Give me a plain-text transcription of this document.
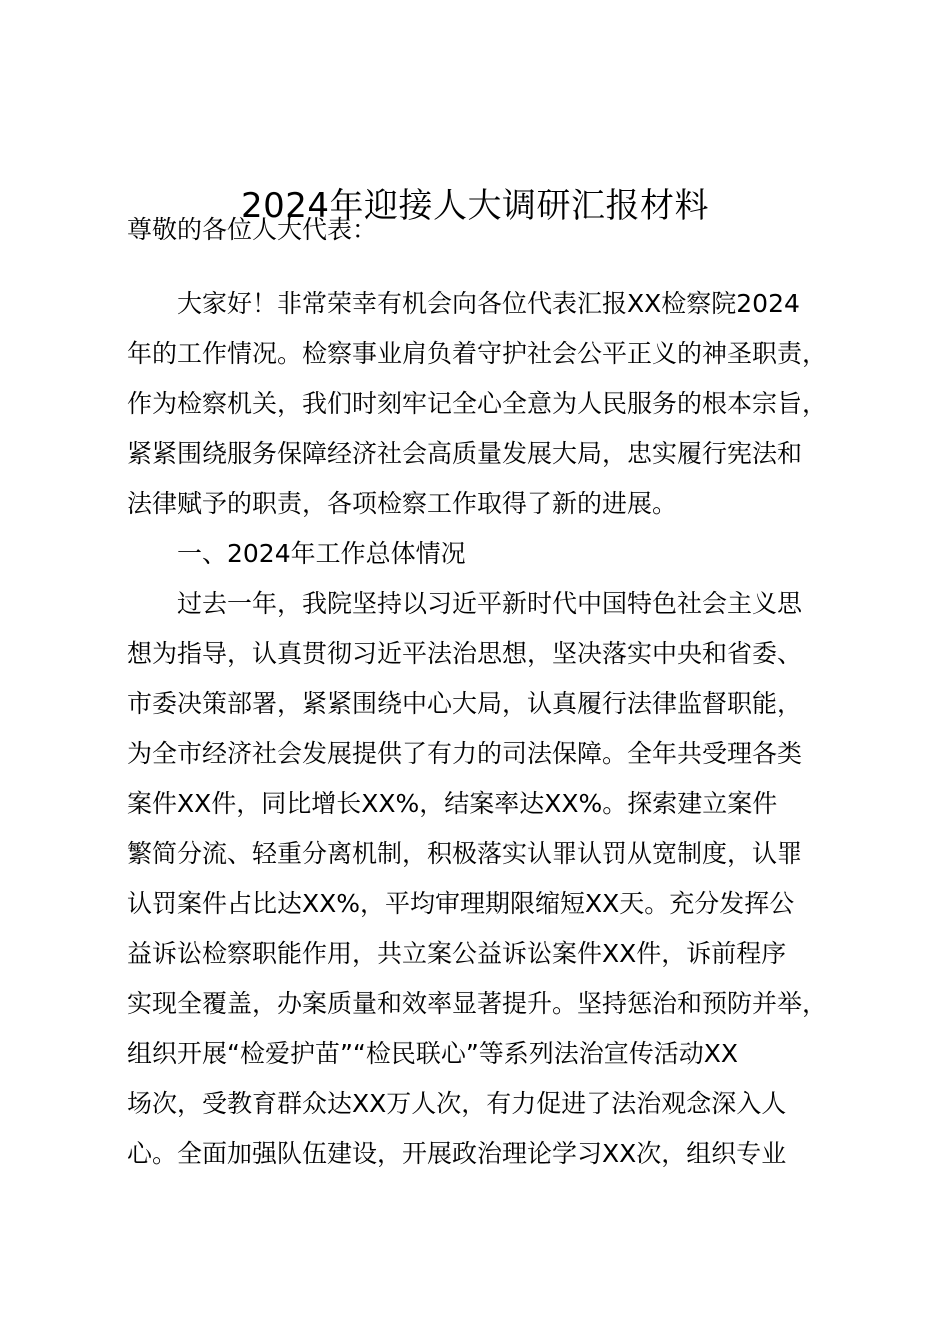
2024年迎接人大调研汇报材料
尊敬的各位人大代表：
大家好！非常荣幸有机会向各位代表汇报XX检察院2024
年的工作情况。检察事业肩负着守护社会公平正义的神圣职责，
作为检察机关，我们时刻牢记全心全意为人民服务的根本宗旨，
紧紧围绕服务保障经济社会高质量发展大局，忠实履行宪法和
法律赋予的职责，各项检察工作取得了新的进展。
一、2024年工作总体情况
过去一年，我院坚持以习近平新时代中国特色社会主义思
想为指导，认真贯彻习近平法治思想，坚决落实中央和省委、
市委决策部署，紧紧围绕中心大局，认真履行法律监督职能，
为全市经济社会发展提供了有力的司法保障。全年共受理各类
案件XX件，同比增长XX%，结案率达XX%。探索建立案件
繁简分流、轻重分离机制，积极落实认罪认罚从宽制度，认罪
认罚案件占比达XX%，平均审理期限缩短XX天。充分发挥公
益诉讼检察职能作用，共立案公益诉讼案件XX件，诉前程序
实现全覆盖，办案质量和效率显著提升。坚持惩治和预防并举，
组织开展“检爱护苗”“检民联心”等系列法治宣传活动XX
场次，受教育群众达XX万人次，有力促进了法治观念深入人
心。全面加强队伍建设，开展政治理论学习XX次，组织专业
